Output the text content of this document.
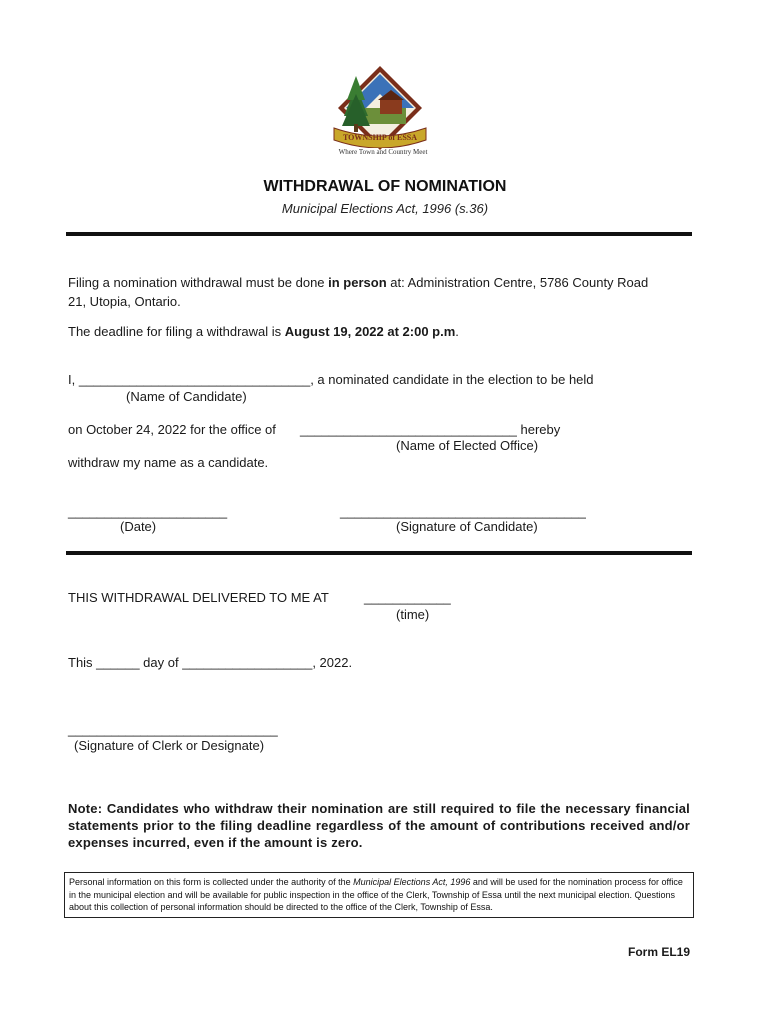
TOWNSHIP of ESSA
Where Town and Country Meet
WITHDRAWAL OF NOMINATION
Municipal Elections Act, 1996 (s.36)
Filing a nomination withdrawal must be done in person at: Administration Centre, 5786 County Road
21, Utopia, Ontario.
The deadline for filing a withdrawal is August 19, 2022 at 2:00 p.m.
I, ________________________________, a nominated candidate in the election to be held
(Name of Candidate)
on October 24, 2022 for the office of ______________________________ hereby
(Name of Elected Office)
withdraw my name as a candidate.
______________________
(Date)
__________________________________
(Signature of Candidate)
THIS WITHDRAWAL DELIVERED TO ME AT	____________
(time)
This ______ day of __________________, 2022.
_____________________________
(Signature of Clerk or Designate)
Note: Candidates who withdraw their nomination are still required to file the necessary financial statements prior to the filing deadline regardless of the amount of contributions received and/or expenses incurred, even if the amount is zero.
Personal information on this form is collected under the authority of the Municipal Elections Act, 1996 and will be used for the nomination process for office in the municipal election and will be available for public inspection in the office of the Clerk, Township of Essa until the next municipal election. Questions about this collection of personal information should be directed to the office of the Clerk, Township of Essa.
Form EL19
